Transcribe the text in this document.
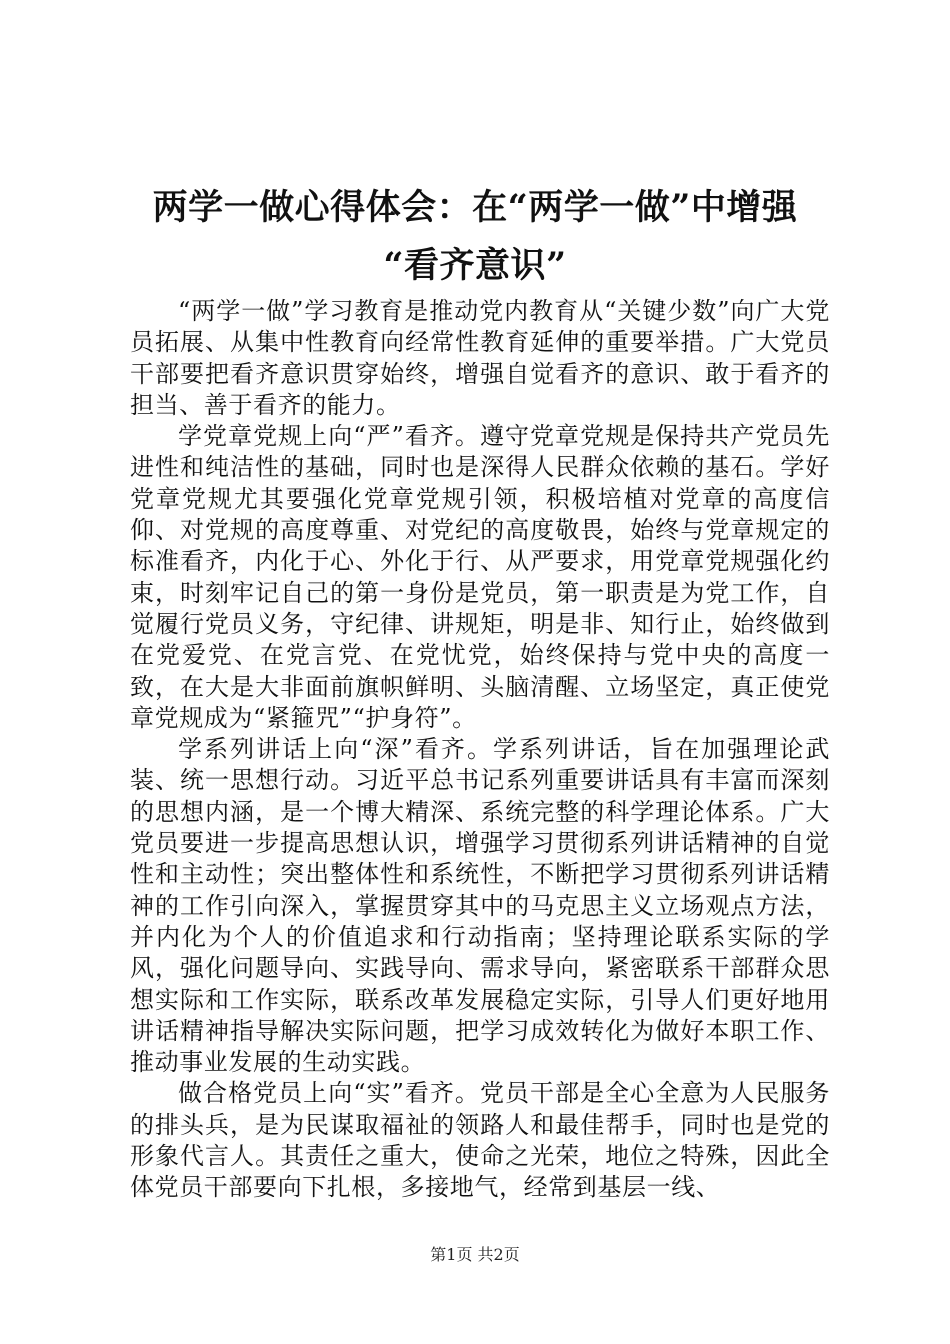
两学一做心得体会：在“两学一做”中增强
“看齐意识”

“两学一做”学习教育是推动党内教育从“关键少数”向广大党员拓展、从集中性教育向经常性教育延伸的重要举措。广大党员干部要把看齐意识贯穿始终，增强自觉看齐的意识、敢于看齐的担当、善于看齐的能力。

学党章党规上向“严”看齐。遵守党章党规是保持共产党员先进性和纯洁性的基础，同时也是深得人民群众依赖的基石。学好党章党规尤其要强化党章党规引领，积极培植对党章的高度信仰、对党规的高度尊重、对党纪的高度敬畏，始终与党章规定的标准看齐，内化于心、外化于行、从严要求，用党章党规强化约束，时刻牢记自己的第一身份是党员，第一职责是为党工作，自觉履行党员义务，守纪律、讲规矩，明是非、知行止，始终做到在党爱党、在党言党、在党忧党，始终保持与党中央的高度一致，在大是大非面前旗帜鲜明、头脑清醒、立场坚定，真正使党章党规成为“紧箍咒”“护身符”。

学系列讲话上向“深”看齐。学系列讲话，旨在加强理论武装、统一思想行动。习近平总书记系列重要讲话具有丰富而深刻的思想内涵，是一个博大精深、系统完整的科学理论体系。广大党员要进一步提高思想认识，增强学习贯彻系列讲话精神的自觉性和主动性；突出整体性和系统性，不断把学习贯彻系列讲话精神的工作引向深入，掌握贯穿其中的马克思主义立场观点方法，并内化为个人的价值追求和行动指南；坚持理论联系实际的学风，强化问题导向、实践导向、需求导向，紧密联系干部群众思想实际和工作实际，联系改革发展稳定实际，引导人们更好地用讲话精神指导解决实际问题，把学习成效转化为做好本职工作、推动事业发展的生动实践。

做合格党员上向“实”看齐。党员干部是全心全意为人民服务的排头兵，是为民谋取福祉的领路人和最佳帮手，同时也是党的形象代言人。其责任之重大，使命之光荣，地位之特殊，因此全体党员干部要向下扎根，多接地气，经常到基层一线、

第1页 共2页
